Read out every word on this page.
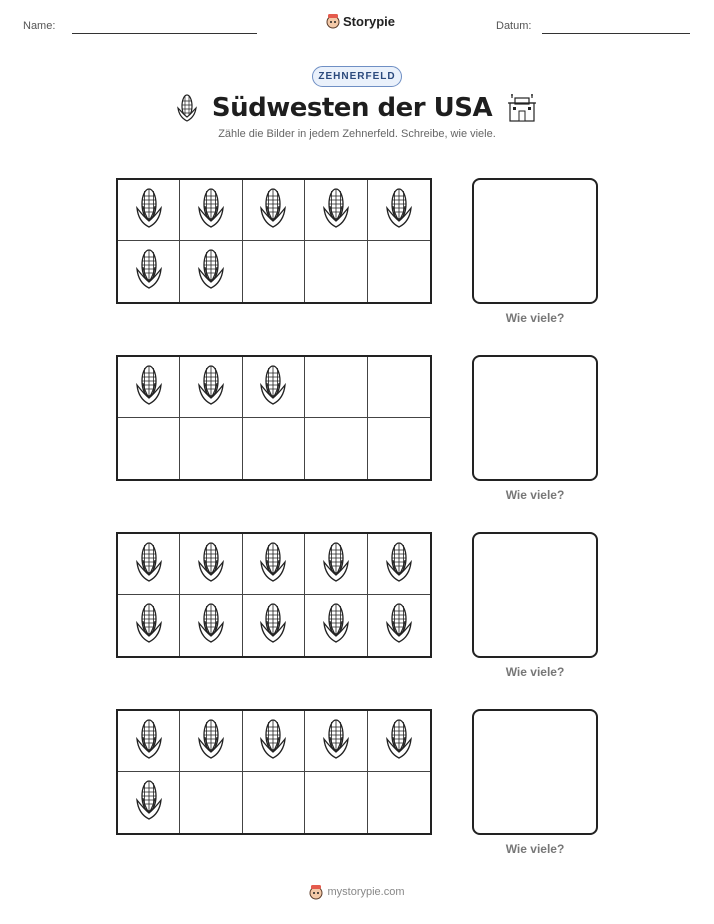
Name:	Storypie	Datum:
ZEHNERFELD
Südwesten der USA
Zähle die Bilder in jedem Zehnerfeld. Schreibe, wie viele.
Wie viele?
Wie viele?
Wie viele?
Wie viele?
mystorypie.com
